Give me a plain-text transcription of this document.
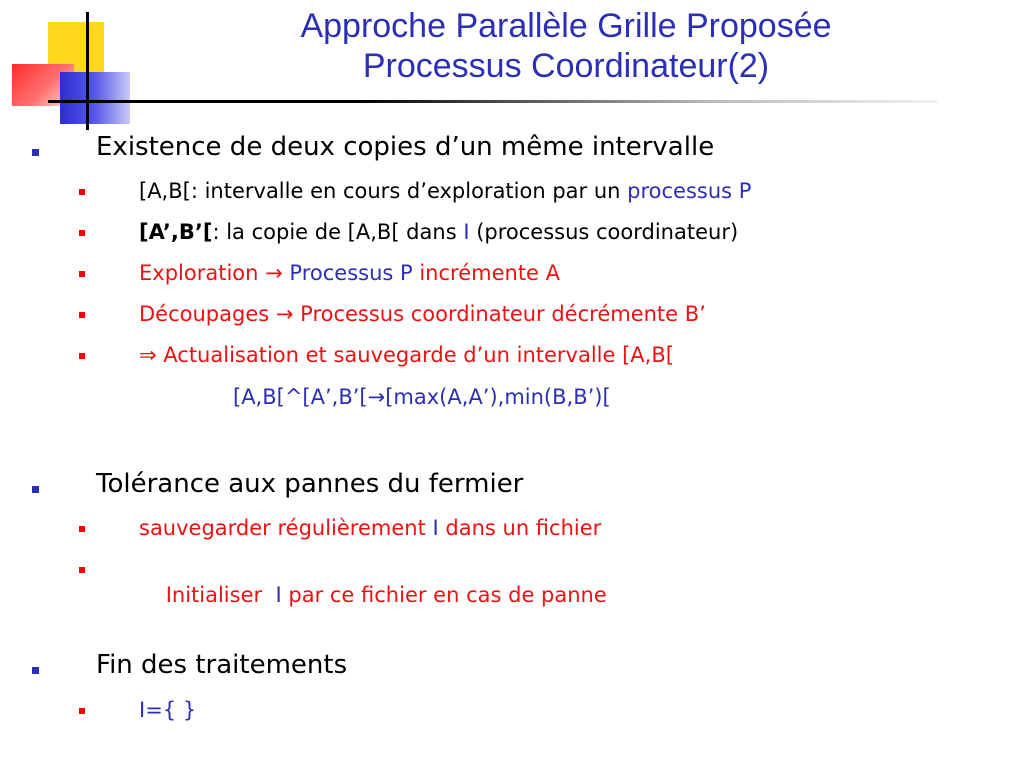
Approche Parallèle Grille Proposée
Processus Coordinateur(2)
Existence de deux copies d’un même intervalle
[A,B[: intervalle en cours d’exploration par un processus P
[A’,B’[: la copie de [A,B[ dans I (processus coordinateur)
Exploration → Processus P incrémente A
Découpages → Processus coordinateur décrémente B’
⇒ Actualisation et sauvegarde d’un intervalle [A,B[
[A,B[^[A’,B’[→[max(A,A’),min(B,B’)[
Tolérance aux pannes du fermier
sauvegarder régulièrement I dans un fichier

Initialiser  I par ce fichier en cas de panne

Fin des traitements
I={ }
